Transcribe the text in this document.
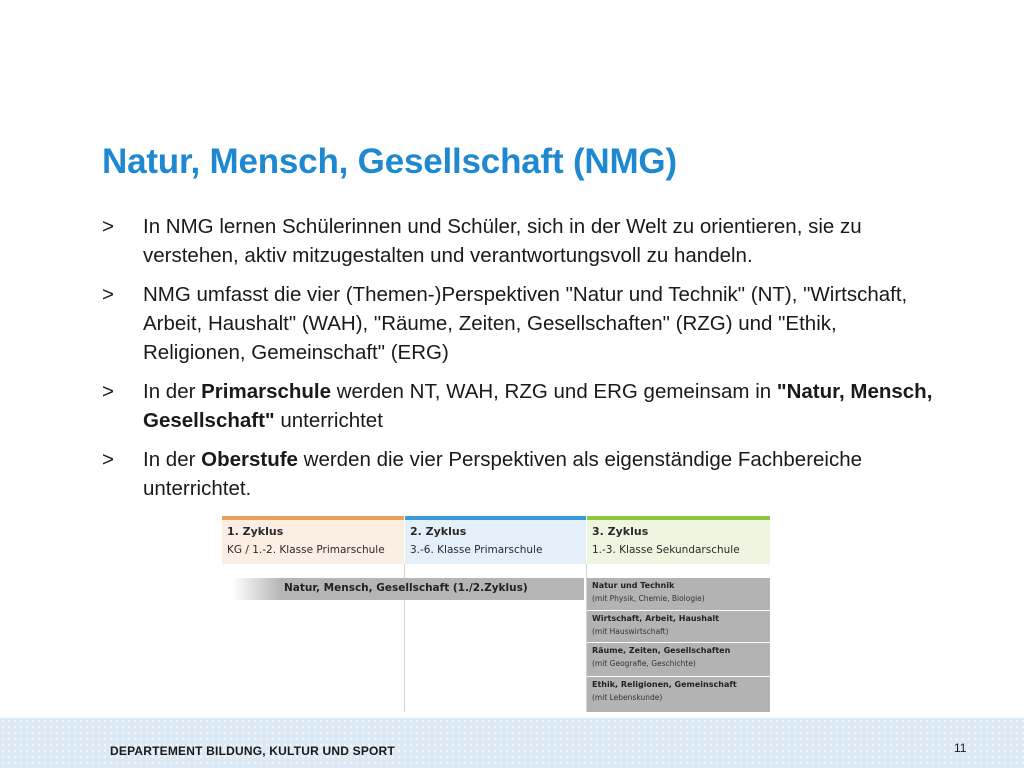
Natur, Mensch, Gesellschaft (NMG)
> In NMG lernen Schülerinnen und Schüler, sich in der Welt zu orientieren, sie zu verstehen, aktiv mitzugestalten und verantwortungsvoll zu handeln.
> NMG umfasst die vier (Themen-)Perspektiven "Natur und Technik" (NT), "Wirtschaft, Arbeit, Haushalt" (WAH), "Räume, Zeiten, Gesellschaften" (RZG) und "Ethik, Religionen, Gemeinschaft" (ERG)
> In der Primarschule werden NT, WAH, RZG und ERG gemeinsam in "Natur, Mensch, Gesellschaft" unterrichtet
> In der Oberstufe werden die vier Perspektiven als eigenständige Fachbereiche unterrichtet.
1. Zyklus
KG / 1.-2. Klasse Primarschule
2. Zyklus
3.-6. Klasse Primarschule
3. Zyklus
1.-3. Klasse Sekundarschule
Natur, Mensch, Gesellschaft (1./2.Zyklus)	Natur und Technik
(mit Physik, Chemie, Biologie)
Wirtschaft, Arbeit, Haushalt
(mit Hauswirtschaft)
Räume, Zeiten, Gesellschaften
(mit Geografie, Geschichte)
Ethik, Religionen, Gemeinschaft
(mit Lebenskunde)
DEPARTEMENT BILDUNG, KULTUR UND SPORT	11
